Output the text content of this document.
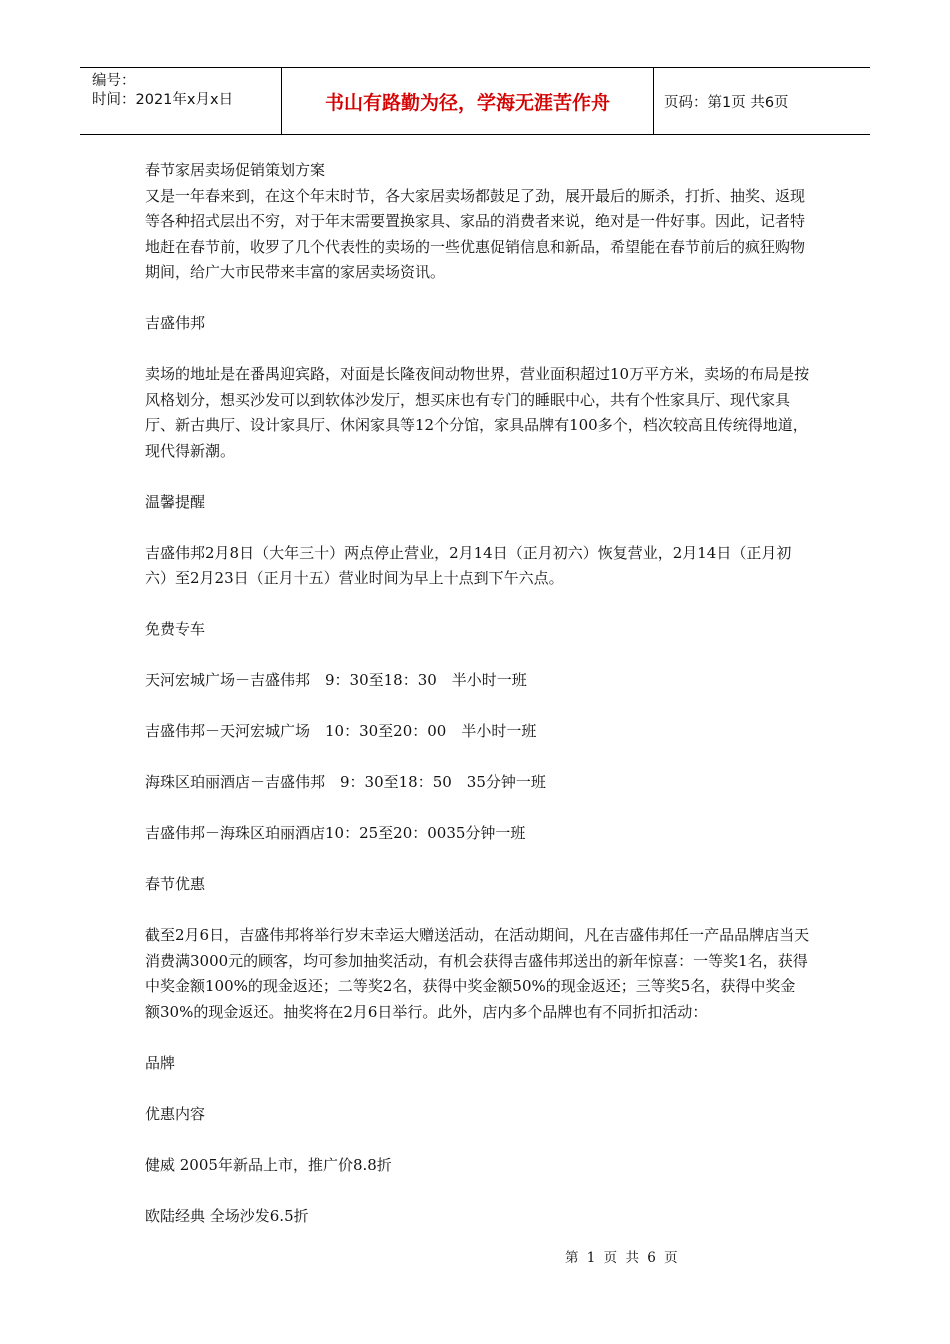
编号：
时间：2021年x月x日	书山有路勤为径，学海无涯苦作舟	页码：第1页 共6页

春节家居卖场促销策划方案

又是一年春来到，在这个年末时节，各大家居卖场都鼓足了劲，展开最后的厮杀，打折、抽奖、返现等各种招式层出不穷，对于年末需要置换家具、家品的消费者来说，绝对是一件好事。因此，记者特地赶在春节前，收罗了几个代表性的卖场的一些优惠促销信息和新品，希望能在春节前后的疯狂购物期间，给广大市民带来丰富的家居卖场资讯。

吉盛伟邦

卖场的地址是在番禺迎宾路，对面是长隆夜间动物世界，营业面积超过10万平方米，卖场的布局是按风格划分，想买沙发可以到软体沙发厅，想买床也有专门的睡眠中心，共有个性家具厅、现代家具厅、新古典厅、设计家具厅、休闲家具等12个分馆，家具品牌有100多个，档次较高且传统得地道，现代得新潮。

温馨提醒

吉盛伟邦2月8日（大年三十）两点停止营业，2月14日（正月初六）恢复营业，2月14日（正月初六）至2月23日（正月十五）营业时间为早上十点到下午六点。

免费专车

天河宏城广场－吉盛伟邦　9：30至18：30　半小时一班

吉盛伟邦－天河宏城广场　10：30至20：00　半小时一班

海珠区珀丽酒店－吉盛伟邦　9：30至18：50　35分钟一班

吉盛伟邦－海珠区珀丽酒店10：25至20：0035分钟一班

春节优惠

截至2月6日，吉盛伟邦将举行岁末幸运大赠送活动，在活动期间，凡在吉盛伟邦任一产品品牌店当天消费满3000元的顾客，均可参加抽奖活动，有机会获得吉盛伟邦送出的新年惊喜：一等奖1名，获得中奖金额100%的现金返还；二等奖2名，获得中奖金额50%的现金返还；三等奖5名，获得中奖金额30%的现金返还。抽奖将在2月6日举行。此外，店内多个品牌也有不同折扣活动：

品牌

优惠内容

健威 2005年新品上市，推广价8.8折

欧陆经典 全场沙发6.5折

第 1 页 共 6 页
